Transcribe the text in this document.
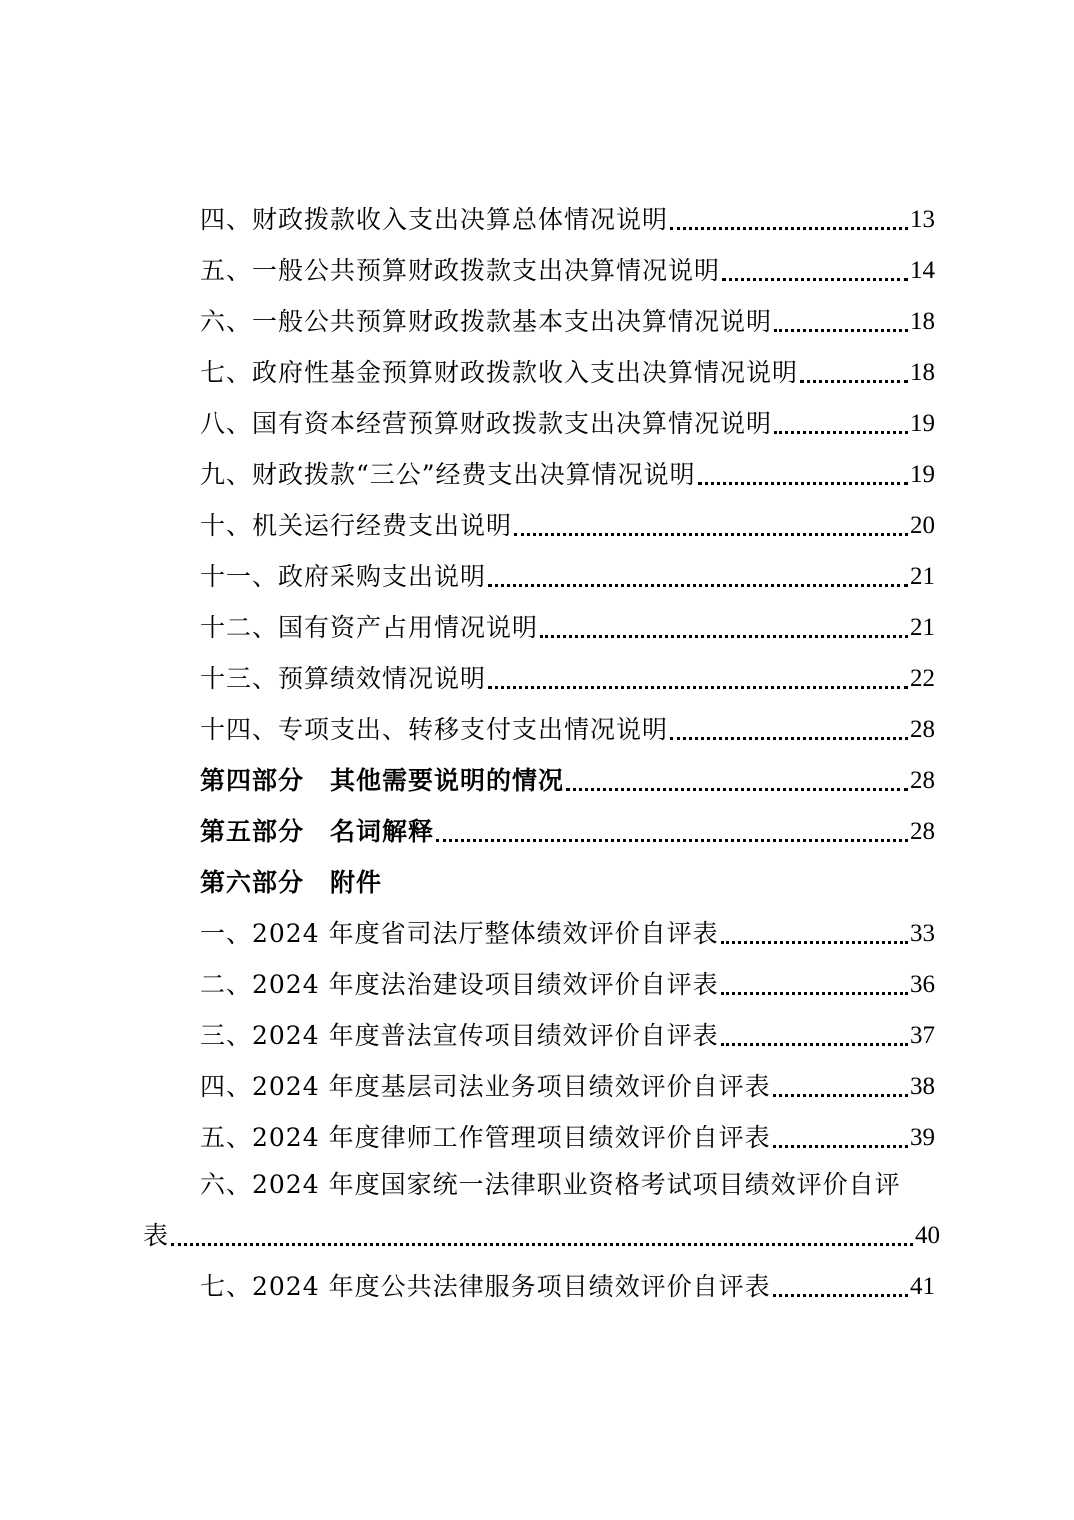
四、财政拨款收入支出决算总体情况说明	13
五、一般公共预算财政拨款支出决算情况说明	14
六、一般公共预算财政拨款基本支出决算情况说明	18
七、政府性基金预算财政拨款收入支出决算情况说明	18
八、国有资本经营预算财政拨款支出决算情况说明	19
九、财政拨款“三公”经费支出决算情况说明	19
十、机关运行经费支出说明	20
十一、政府采购支出说明	21
十二、国有资产占用情况说明	21
十三、预算绩效情况说明	22
十四、专项支出、转移支付支出情况说明	28
第四部分　其他需要说明的情况	28
第五部分　名词解释	28
第六部分　附件
一、2024 年度省司法厅整体绩效评价自评表	33
二、2024 年度法治建设项目绩效评价自评表	36
三、2024 年度普法宣传项目绩效评价自评表	37
四、2024 年度基层司法业务项目绩效评价自评表	38
五、2024 年度律师工作管理项目绩效评价自评表	39
六、2024 年度国家统一法律职业资格考试项目绩效评价自评
表	40
七、2024 年度公共法律服务项目绩效评价自评表	41
